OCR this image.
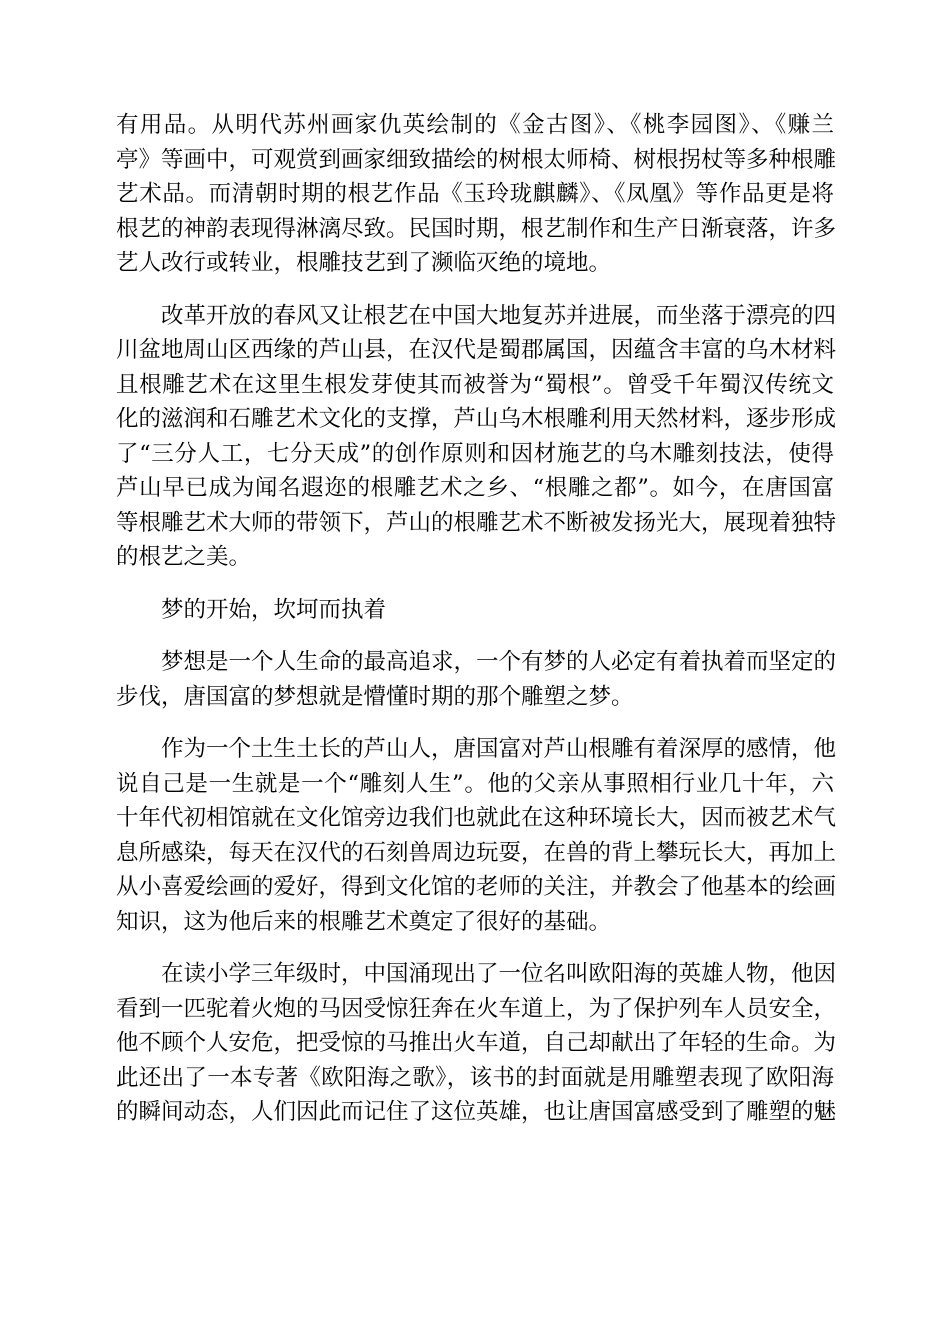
有用品。从明代苏州画家仇英绘制的《金古图》、《桃李园图》、《赚兰
亭》等画中，可观赏到画家细致描绘的树根太师椅、树根拐杖等多种根雕
艺术品。而清朝时期的根艺作品《玉玲珑麒麟》、《凤凰》等作品更是将
根艺的神韵表现得淋漓尽致。民国时期，根艺制作和生产日渐衰落，许多
艺人改行或转业，根雕技艺到了濒临灭绝的境地。
改革开放的春风又让根艺在中国大地复苏并进展，而坐落于漂亮的四
川盆地周山区西缘的芦山县，在汉代是蜀郡属国，因蕴含丰富的乌木材料
且根雕艺术在这里生根发芽使其而被誉为“蜀根”。曾受千年蜀汉传统文
化的滋润和石雕艺术文化的支撑，芦山乌木根雕利用天然材料，逐步形成
了“三分人工，七分天成”的创作原则和因材施艺的乌木雕刻技法，使得
芦山早已成为闻名遐迩的根雕艺术之乡、“根雕之都”。如今，在唐国富
等根雕艺术大师的带领下，芦山的根雕艺术不断被发扬光大，展现着独特
的根艺之美。
梦的开始，坎坷而执着
梦想是一个人生命的最高追求，一个有梦的人必定有着执着而坚定的
步伐，唐国富的梦想就是懵懂时期的那个雕塑之梦。
作为一个土生土长的芦山人，唐国富对芦山根雕有着深厚的感情，他
说自己是一生就是一个“雕刻人生”。他的父亲从事照相行业几十年，六
十年代初相馆就在文化馆旁边我们也就此在这种环境长大，因而被艺术气
息所感染，每天在汉代的石刻兽周边玩耍，在兽的背上攀玩长大，再加上
从小喜爱绘画的爱好，得到文化馆的老师的关注，并教会了他基本的绘画
知识，这为他后来的根雕艺术奠定了很好的基础。
在读小学三年级时，中国涌现出了一位名叫欧阳海的英雄人物，他因
看到一匹驼着火炮的马因受惊狂奔在火车道上，为了保护列车人员安全，
他不顾个人安危，把受惊的马推出火车道，自己却献出了年轻的生命。为
此还出了一本专著《欧阳海之歌》，该书的封面就是用雕塑表现了欧阳海
的瞬间动态，人们因此而记住了这位英雄，也让唐国富感受到了雕塑的魅
